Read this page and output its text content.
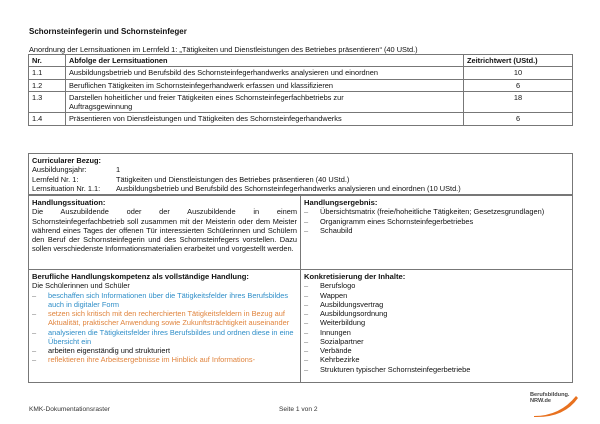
Schornsteinfegerin und Schornsteinfeger
Anordnung der Lernsituationen im Lernfeld 1: „Tätigkeiten und Dienstleistungen des Betriebes präsentieren“ (40 UStd.)
Nr.	Abfolge der Lernsituationen	Zeitrichtwert (UStd.)
1.1	Ausbildungsbetrieb und Berufsbild des Schornsteinfegerhandwerks analysieren und einordnen	10
1.2	Beruflichen Tätigkeiten im Schornsteinfegerhandwerk erfassen und klassifizieren	6
1.3	Darstellen hoheitlicher und freier Tätigkeiten eines Schornsteinfegerfachbetriebs zur Auftragsgewinnung	18
1.4	Präsentieren von Dienstleistungen und Tätigkeiten des Schornsteinfegerhandwerks	6
Curricularer Bezug:
Ausbildungsjahr:	1
Lernfeld Nr. 1:	Tätigkeiten und Dienstleistungen des Betriebes präsentieren (40 UStd.)
Lernsituation Nr. 1.1:	Ausbildungsbetrieb und Berufsbild des Schornsteinfegerhandwerks analysieren und einordnen (10 UStd.)
Handlungssituation:
Die Auszubildende oder der Auszubildende in einem Schornsteinfegerfachbetrieb soll zusammen mit der Meisterin oder dem Meister während eines Tages der offenen Tür interessierten Schülerinnen und Schülern den Beruf der Schornsteinfegerin und des Schornsteinfegers vorstellen. Dazu sollen verschiedenste Informationsmaterialien erarbeitet und vorgestellt werden.
Handlungsergebnis:
– Übersichtsmatrix (freie/hoheitliche Tätigkeiten; Gesetzesgrundlagen)
– Organigramm eines Schornsteinfegerbetriebes
– Schaubild
Berufliche Handlungskompetenz als vollständige Handlung:
Die Schülerinnen und Schüler
– beschaffen sich Informationen über die Tätigkeitsfelder ihres Berufsbildes auch in digitaler Form
– setzen sich kritisch mit den recherchierten Tätigkeitsfeldern in Bezug auf Aktualität, praktischer Anwendung sowie Zukunftsträchtigkeit auseinander
– analysieren die Tätigkeitsfelder ihres Berufsbildes und ordnen diese in eine Übersicht ein
– arbeiten eigenständig und strukturiert
– reflektieren ihre Arbeitsergebnisse im Hinblick auf Informations-
Konkretisierung der Inhalte:
– Berufslogo
– Wappen
– Ausbildungsvertrag
– Ausbildungsordnung
– Weiterbildung
– Innungen
– Sozialpartner
– Verbände
– Kehrbezirke
– Strukturen typischer Schornsteinfegerbetriebe
KMK-Dokumentationsraster	Seite 1 von 2
Berufsbildung.
NRW.de
